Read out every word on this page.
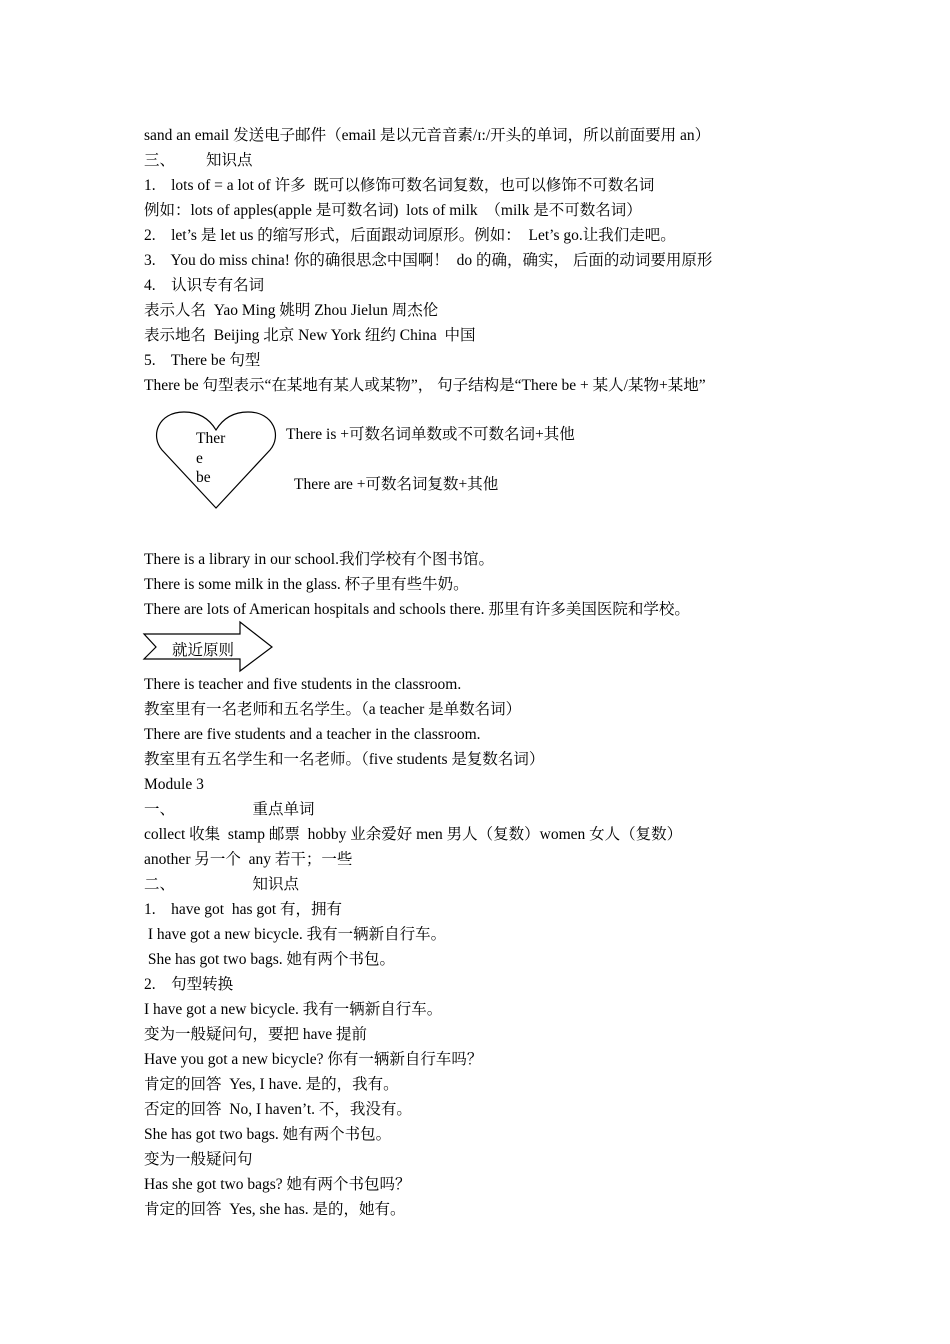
sand an email 发送电子邮件（email 是以元音音素/ɪ:/开头的单词，所以前面要用 an）
三、        知识点
1.    lots of = a lot of 许多  既可以修饰可数名词复数，也可以修饰不可数名词
例如：lots of apples(apple 是可数名词)  lots of milk  （milk 是不可数名词）
2.    let’s 是 let us 的缩写形式，后面跟动词原形。例如：  Let’s go.让我们走吧。
3.    You do miss china! 你的确很思念中国啊！  do 的确，确实， 后面的动词要用原形
4.    认识专有名词
表示人名  Yao Ming 姚明 Zhou Jielun 周杰伦
表示地名  Beijing 北京 New York 纽约 China  中国
5.    There be 句型
There be 句型表示“在某地有某人或某物”， 句子结构是“There be + 某人/某物+某地”
Ther
e
be
There is +可数名词单数或不可数名词+其他
There are +可数名词复数+其他
There is a library in our school.我们学校有个图书馆。
There is some milk in the glass. 杯子里有些牛奶。
There are lots of American hospitals and schools there. 那里有许多美国医院和学校。
就近原则
There is teacher and five students in the classroom.
教室里有一名老师和五名学生。（a teacher 是单数名词）
There are five students and a teacher in the classroom.
教室里有五名学生和一名老师。（five students 是复数名词）
Module 3
一、                    重点单词
collect 收集  stamp 邮票  hobby 业余爱好 men 男人（复数）women 女人（复数）
another 另一个  any 若干；一些
二、                    知识点
1.    have got  has got 有，拥有
I have got a new bicycle. 我有一辆新自行车。
She has got two bags. 她有两个书包。
2.    句型转换
I have got a new bicycle. 我有一辆新自行车。
变为一般疑问句，要把 have 提前
Have you got a new bicycle? 你有一辆新自行车吗？
肯定的回答  Yes, I have. 是的，我有。
否定的回答  No, I haven’t. 不，我没有。
She has got two bags. 她有两个书包。
变为一般疑问句
Has she got two bags? 她有两个书包吗？
肯定的回答  Yes, she has. 是的，她有。
